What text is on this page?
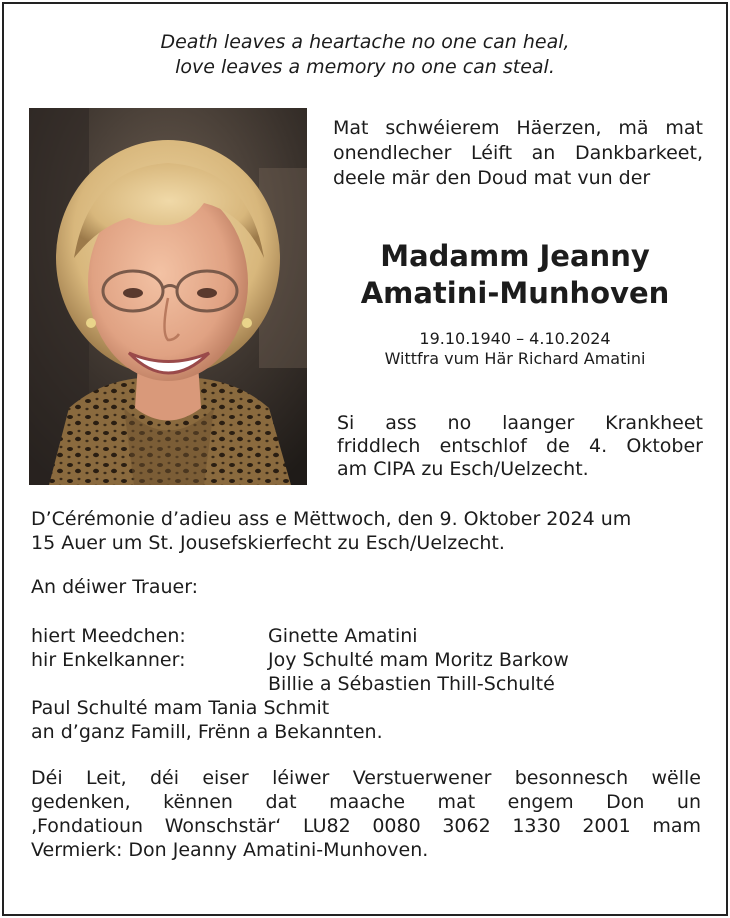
Death leaves a heartache no one can heal,
love leaves a memory no one can steal.
Mat schwéierem Häerzen, mä mat
onendlecher Léift an Dankbarkeet,
deele mär den Doud mat vun der
Madamm Jeanny
Amatini-Munhoven
19.10.1940 – 4.10.2024
Wittfra vum Här Richard Amatini
Si ass no laanger Krankheet
friddlech entschlof de 4. Oktober
am CIPA zu Esch/Uelzecht.
D’Cérémonie d’adieu ass e Mëttwoch, den 9. Oktober 2024 um
15 Auer um St. Jousefskierfecht zu Esch/Uelzecht.
An déiwer Trauer:
hiert Meedchen:	Ginette Amatini
hir Enkelkanner:	Joy Schulté mam Moritz Barkow
Billie a Sébastien Thill-Schulté
Paul Schulté mam Tania Schmit
an d’ganz Famill, Frënn a Bekannten.
Déi Leit, déi eiser léiwer Verstuerwener besonnesch wëlle
gedenken, kënnen dat maache mat engem Don un
‚Fondatioun Wonschstär‘ LU82 0080 3062 1330 2001 mam
Vermierk: Don Jeanny Amatini-Munhoven.
